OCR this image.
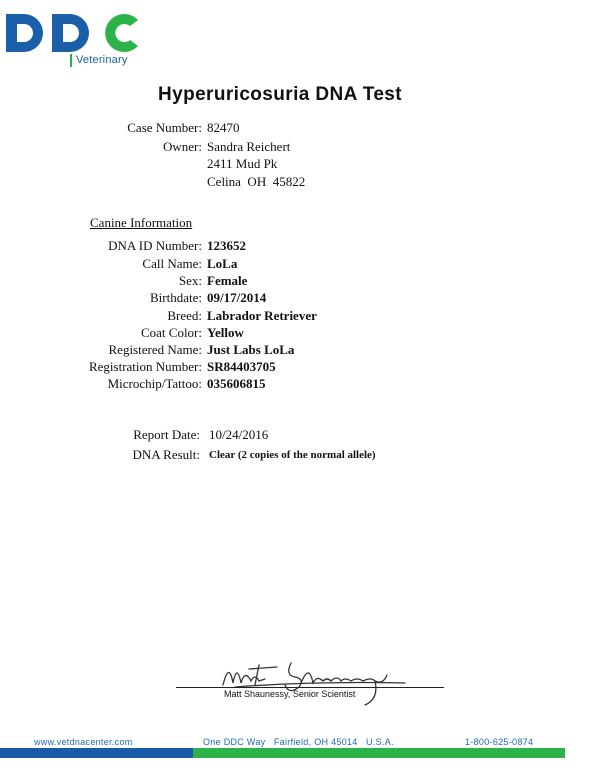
Veterinary
Hyperuricosuria DNA Test
Case Number: 82470
Owner: Sandra Reichert
2411 Mud Pk
Celina  OH  45822
Canine Information
DNA ID Number: 123652
Call Name: LoLa
Sex: Female
Birthdate: 09/17/2014
Breed: Labrador Retriever
Coat Color: Yellow
Registered Name: Just Labs LoLa
Registration Number: SR84403705
Microchip/Tattoo: 035606815
Report Date: 10/24/2016
DNA Result: Clear (2 copies of the normal allele)
Matt Shaunessy, Senior Scientist
www.vetdnacenter.com	One DDC Way   Fairfield, OH 45014   U.S.A.	1-800-625-0874
